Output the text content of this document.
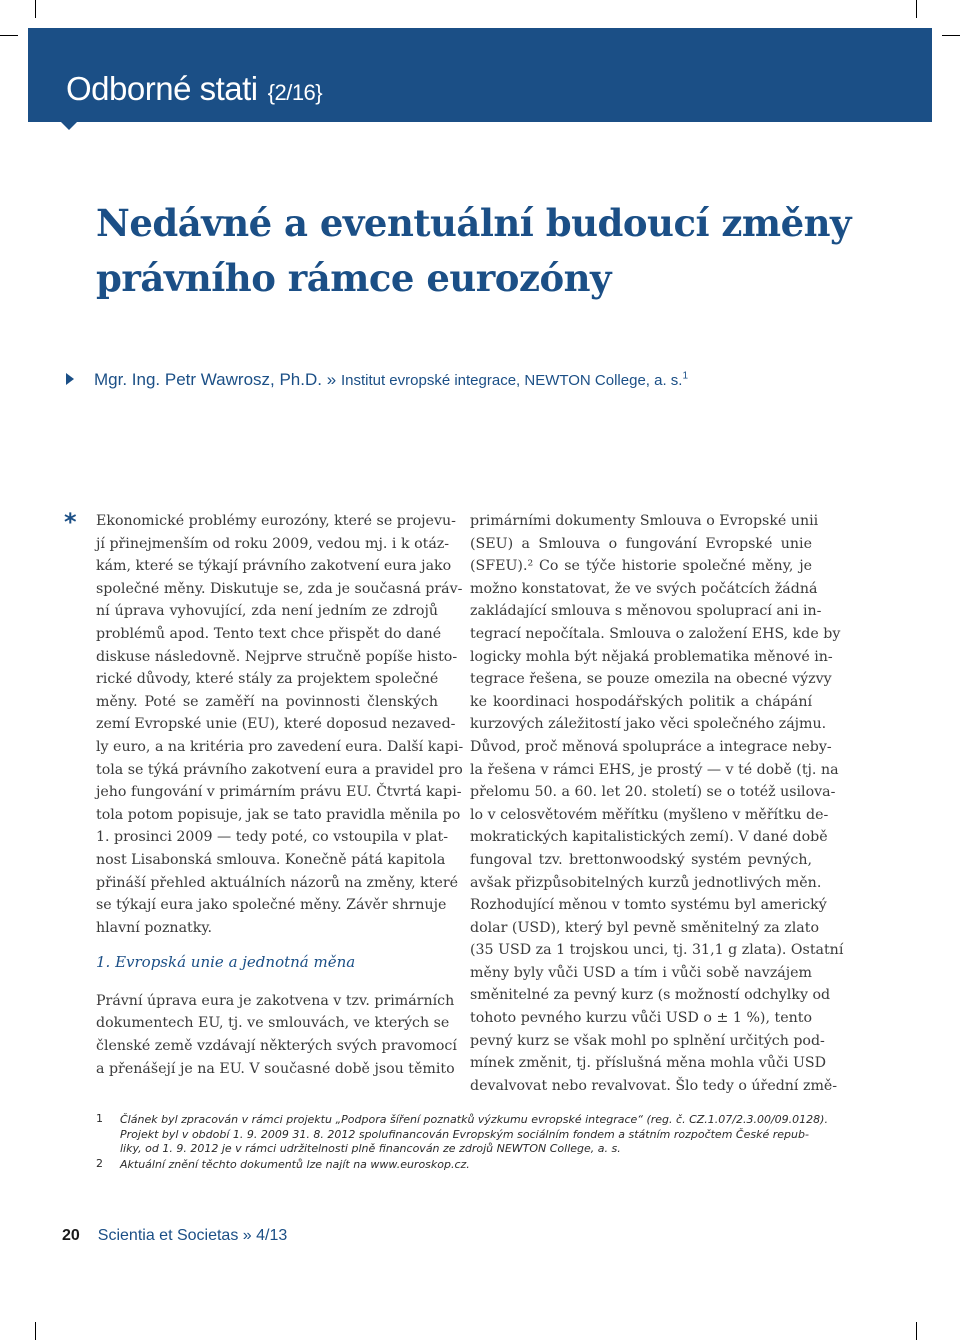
Odborné stati {2/16}
Nedávné a eventuální budoucí změny
právního rámce eurozóny
Mgr. Ing. Petr Wawrosz, Ph.D. » Institut evropské integrace, NEWTON College, a. s.$^1$
* Ekonomické problémy eurozóny, které se projevu-
jí přinejmenším od roku 2009, vedou mj. i k otáz-
kám, které se týkají právního zakotvení eura jako
společné měny. Diskutuje se, zda je současná práv-
ní úprava vyhovující, zda není jedním ze zdrojů
problémů apod. Tento text chce přispět do dané
diskuse následovně. Nejprve stručně popíše histo-
rické důvody, které stály za projektem společné
měny. Poté se zaměří na povinnosti členských
zemí Evropské unie (EU), které doposud nezaved-
ly euro, a na kritéria pro zavedení eura. Další kapi-
tola se týká právního zakotvení eura a pravidel pro
jeho fungování v primárním právu EU. Čtvrtá kapi-
tola potom popisuje, jak se tato pravidla měnila po
1. prosinci 2009 — tedy poté, co vstoupila v plat-
nost Lisabonská smlouva. Konečně pátá kapitola
přináší přehled aktuálních názorů na změny, které
se týkají eura jako společné měny. Závěr shrnuje
hlavní poznatky.

1. Evropská unie a jednotná měna

Právní úprava eura je zakotvena v tzv. primárních
dokumentech EU, tj. ve smlouvách, ve kterých se
členské země vzdávají některých svých pravomocí
a přenášejí je na EU. V současné době jsou těmito

primárními dokumenty Smlouva o Evropské unii
(SEU) a Smlouva o fungování Evropské unie
(SFEU).² Co se týče historie společné měny, je
možno konstatovat, že ve svých počátcích žádná
zakládající smlouva s měnovou spoluprací ani in-
tegrací nepočítala. Smlouva o založení EHS, kde by
logicky mohla být nějaká problematika měnové in-
tegrace řešena, se pouze omezila na obecné výzvy
ke koordinaci hospodářských politik a chápání
kurzových záležitostí jako věci společného zájmu.
Důvod, proč měnová spolupráce a integrace neby-
la řešena v rámci EHS, je prostý — v té době (tj. na
přelomu 50. a 60. let 20. století) se o totéž usilova-
lo v celosvětovém měřítku (myšleno v měřítku de-
mokratických kapitalistických zemí). V dané době
fungoval tzv. brettonwoodský systém pevných,
avšak přizpůsobitelných kurzů jednotlivých měn.
Rozhodující měnou v tomto systému byl americký
dolar (USD), který byl pevně směnitelný za zlato
(35 USD za 1 trojskou unci, tj. 31,1 g zlata). Ostatní
měny byly vůči USD a tím i vůči sobě navzájem
směnitelné za pevný kurz (s možností odchylky od
tohoto pevného kurzu vůči USD o ± 1 %), tento
pevný kurz se však mohl po splnění určitých pod-
mínek změnit, tj. příslušná měna mohla vůči USD
devalvovat nebo revalvovat. Šlo tedy o úřední změ-

1 Článek byl zpracován v rámci projektu „Podpora šíření poznatků výzkumu evropské integrace“ (reg. č. CZ.1.07/2.3.00/09.0128).
Projekt byl v období 1. 9. 2009 31. 8. 2012 spolufinancován Evropským sociálním fondem a státním rozpočtem České repub-
liky, od 1. 9. 2012 je v rámci udržitelnosti plně financován ze zdrojů NEWTON College, a. s.
2 Aktuální znění těchto dokumentů lze najít na www.euroskop.cz.
20 Scientia et Societas » 4/13
